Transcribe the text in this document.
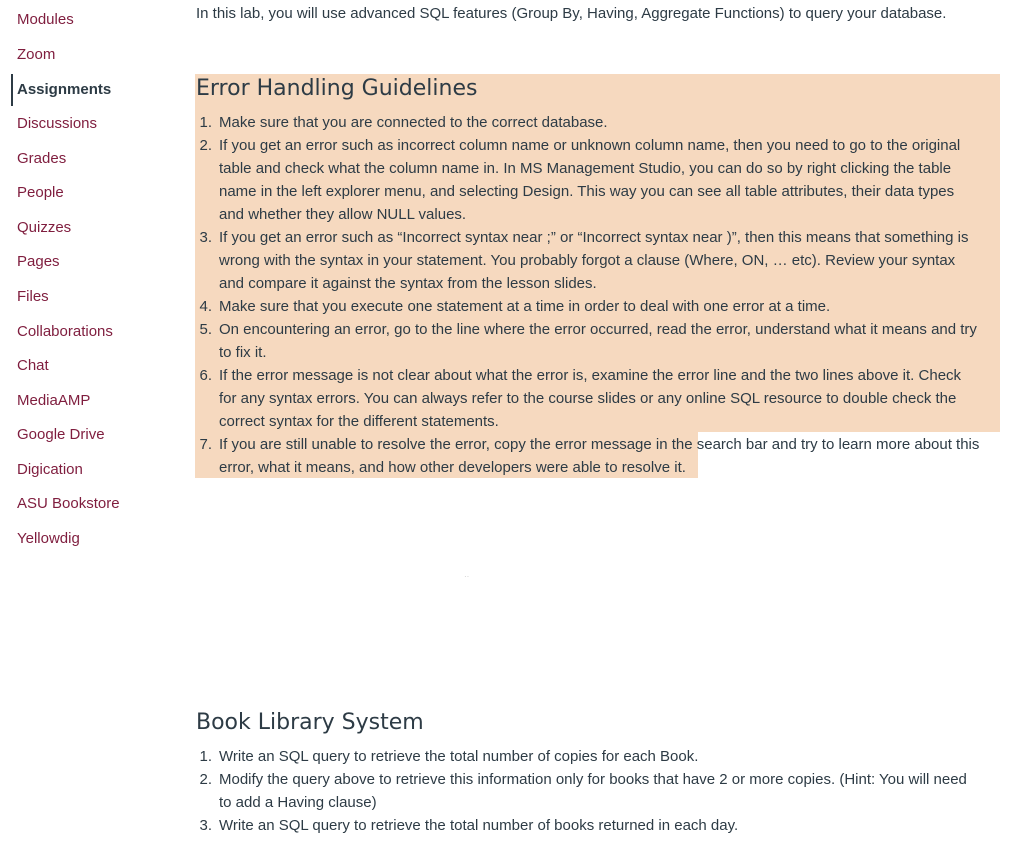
Modules
Zoom
Assignments
Discussions
Grades
People
Quizzes
Pages
Files
Collaborations
Chat
MediaAMP
Google Drive
Digication
ASU Bookstore
Yellowdig

In this lab, you will use advanced SQL features (Group By, Having, Aggregate Functions) to query your database.

Error Handling Guidelines
1. Make sure that you are connected to the correct database.
2. If you get an error such as incorrect column name or unknown column name, then you need to go to the original
table and check what the column name in. In MS Management Studio, you can do so by right clicking the table
name in the left explorer menu, and selecting Design. This way you can see all table attributes, their data types
and whether they allow NULL values.
3. If you get an error such as “Incorrect syntax near ;” or “Incorrect syntax near )”, then this means that something is
wrong with the syntax in your statement. You probably forgot a clause (Where, ON, … etc). Review your syntax
and compare it against the syntax from the lesson slides.
4. Make sure that you execute one statement at a time in order to deal with one error at a time.
5. On encountering an error, go to the line where the error occurred, read the error, understand what it means and try
to fix it.
6. If the error message is not clear about what the error is, examine the error line and the two lines above it. Check
for any syntax errors. You can always refer to the course slides or any online SQL resource to double check the
correct syntax for the different statements.
7. If you are still unable to resolve the error, copy the error message in the search bar and try to learn more about this
error, what it means, and how other developers were able to resolve it.
Book Library System
1. Write an SQL query to retrieve the total number of copies for each Book.
2. Modify the query above to retrieve this information only for books that have 2 or more copies. (Hint: You will need
to add a Having clause)
3. Write an SQL query to retrieve the total number of books returned in each day.
··
